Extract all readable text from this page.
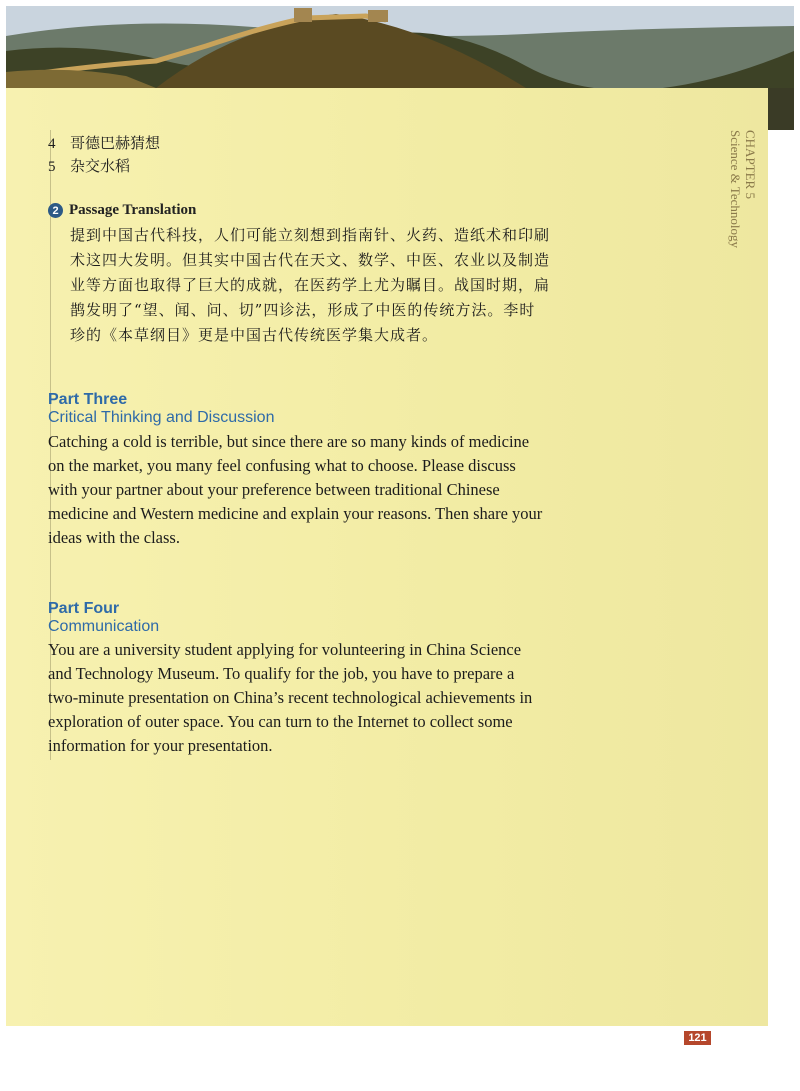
CHAPTER 5
Science & Technology
4 哥德巴赫猜想
5 杂交水稻
2 Passage Translation

提到中国古代科技，人们可能立刻想到指南针、火药、造纸术和印刷术这四大发明。但其实中国古代在天文、数学、中医、农业以及制造业等方面也取得了巨大的成就，在医药学上尤为瞩目。战国时期，扁鹊发明了“望、闻、问、切”四诊法，形成了中医的传统方法。李时珍的《本草纲目》更是中国古代传统医学集大成者。

Part Three
Critical Thinking and Discussion

Catching a cold is terrible, but since there are so many kinds of medicine on the market, you many feel confusing what to choose. Please discuss with your partner about your preference between traditional Chinese medicine and Western medicine and explain your reasons. Then share your ideas with the class.

Part Four
Communication

You are a university student applying for volunteering in China Science and Technology Museum. To qualify for the job, you have to prepare a two-minute presentation on China’s recent technological achievements in exploration of outer space. You can turn to the Internet to collect some information for your presentation.

121
